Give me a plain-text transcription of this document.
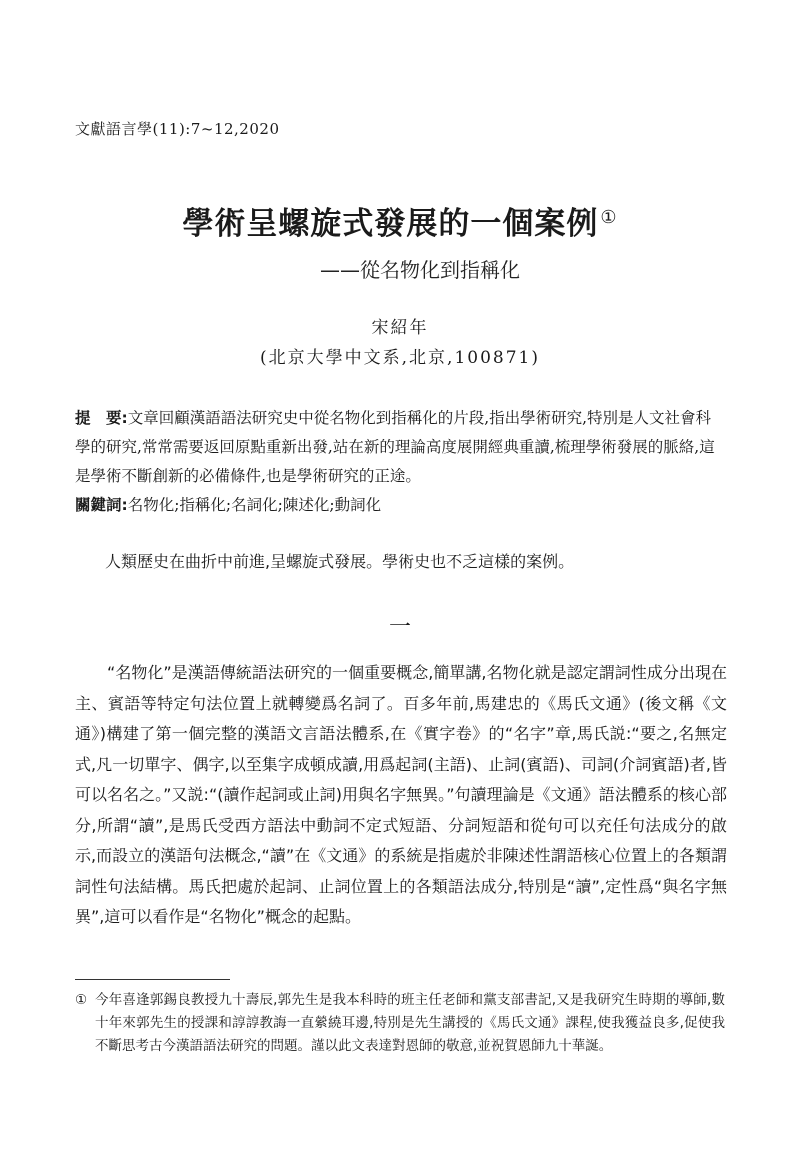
文獻語言學(11):7~12,2020
學術呈螺旋式發展的一個案例 ①
——從名物化到指稱化
宋紹年
(北京大學中文系,北京,100871)
提　要:文章回顧漢語語法研究史中從名物化到指稱化的片段,指出學術研究,特別是人文社會科學的研究,常常需要返回原點重新出發,站在新的理論高度展開經典重讀,梳理學術發展的脈絡,這是學術不斷創新的必備條件,也是學術研究的正途。
關鍵詞:名物化;指稱化;名詞化;陳述化;動詞化
人類歷史在曲折中前進,呈螺旋式發展。學術史也不乏這樣的案例。
一
“名物化”是漢語傳統語法研究的一個重要概念,簡單講,名物化就是認定謂詞性成分出現在主、賓語等特定句法位置上就轉變爲名詞了。百多年前,馬建忠的《馬氏文通》(後文稱《文通》)構建了第一個完整的漢語文言語法體系,在《實字卷》的“名字”章,馬氏説:“要之,名無定式,凡一切單字、偶字,以至集字成頓成讀,用爲起詞(主語)、止詞(賓語)、司詞(介詞賓語)者,皆可以名名之。”又説:“(讀作起詞或止詞)用與名字無異。”句讀理論是《文通》語法體系的核心部分,所謂“讀”,是馬氏受西方語法中動詞不定式短語、分詞短語和從句可以充任句法成分的啟示,而設立的漢語句法概念,“讀”在《文通》的系統是指處於非陳述性謂語核心位置上的各類謂詞性句法結構。馬氏把處於起詞、止詞位置上的各類語法成分,特別是“讀”,定性爲“與名字無異”,這可以看作是“名物化”概念的起點。
① 今年喜逢郭錫良教授九十壽辰,郭先生是我本科時的班主任老師和黨支部書記,又是我研究生時期的導師,數十年來郭先生的授課和諄諄教誨一直縈繞耳邊,特別是先生講授的《馬氏文通》課程,使我獲益良多,促使我不斷思考古今漢語語法研究的問題。謹以此文表達對恩師的敬意,並祝賀恩師九十華誕。
